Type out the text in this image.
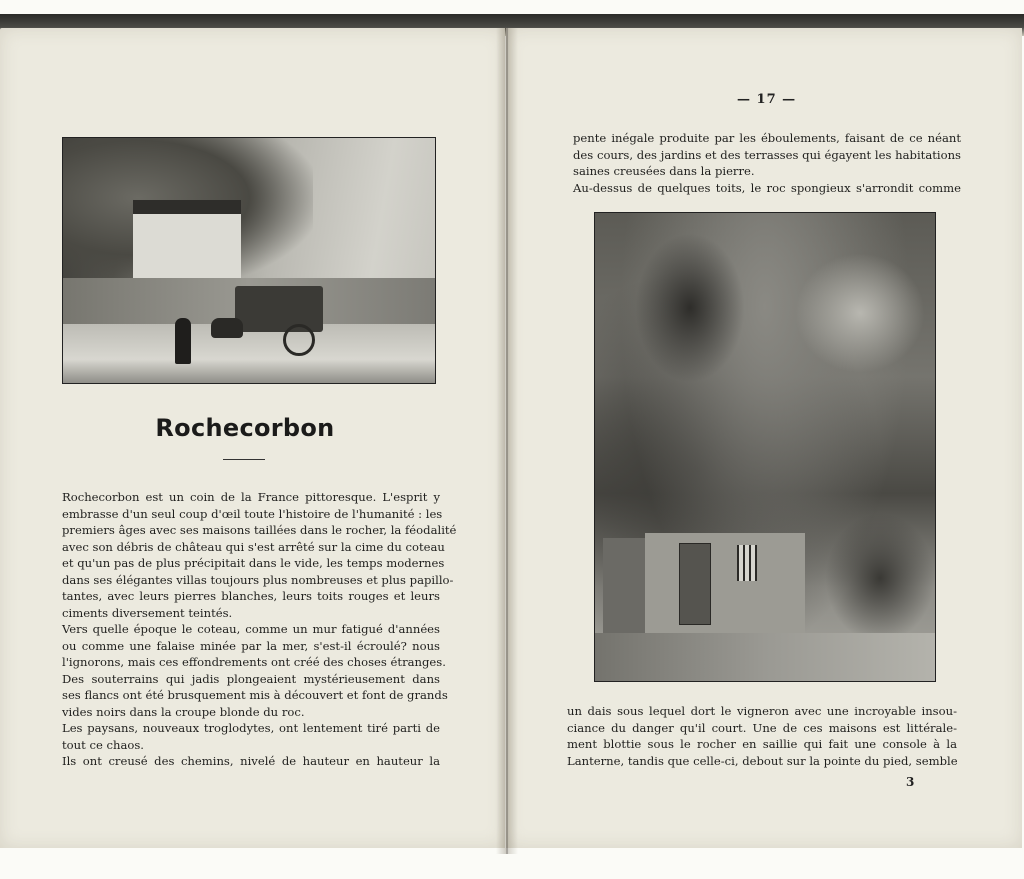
Rochecorbon

Rochecorbon est un coin de la France pittoresque. L'esprit y

embrasse d'un seul coup d'œil toute l'histoire de l'humanité : les

premiers âges avec ses maisons taillées dans le rocher, la féodalité

avec son débris de château qui s'est arrêté sur la cime du coteau

et qu'un pas de plus précipitait dans le vide, les temps modernes

dans ses élégantes villas toujours plus nombreuses et plus papillo-

tantes, avec leurs pierres blanches, leurs toits rouges et leurs

ciments diversement teintés.

Vers quelle époque le coteau, comme un mur fatigué d'années

ou comme une falaise minée par la mer, s'est-il écroulé? nous

l'ignorons, mais ces effondrements ont créé des choses étranges.

Des souterrains qui jadis plongeaient mystérieusement dans

ses flancs ont été brusquement mis à découvert et font de grands

vides noirs dans la croupe blonde du roc.

Les paysans, nouveaux troglodytes, ont lentement tiré parti de

tout ce chaos.

Ils ont creusé des chemins, nivelé de hauteur en hauteur la

— 17 —

pente inégale produite par les éboulements, faisant de ce néant

des cours, des jardins et des terrasses qui égayent les habitations

saines creusées dans la pierre.

Au-dessus de quelques toits, le roc spongieux s'arrondit comme

un dais sous lequel dort le vigneron avec une incroyable insou-

ciance du danger qu'il court. Une de ces maisons est littérale-

ment blottie sous le rocher en saillie qui fait une console à la

Lanterne, tandis que celle-ci, debout sur la pointe du pied, semble

3
